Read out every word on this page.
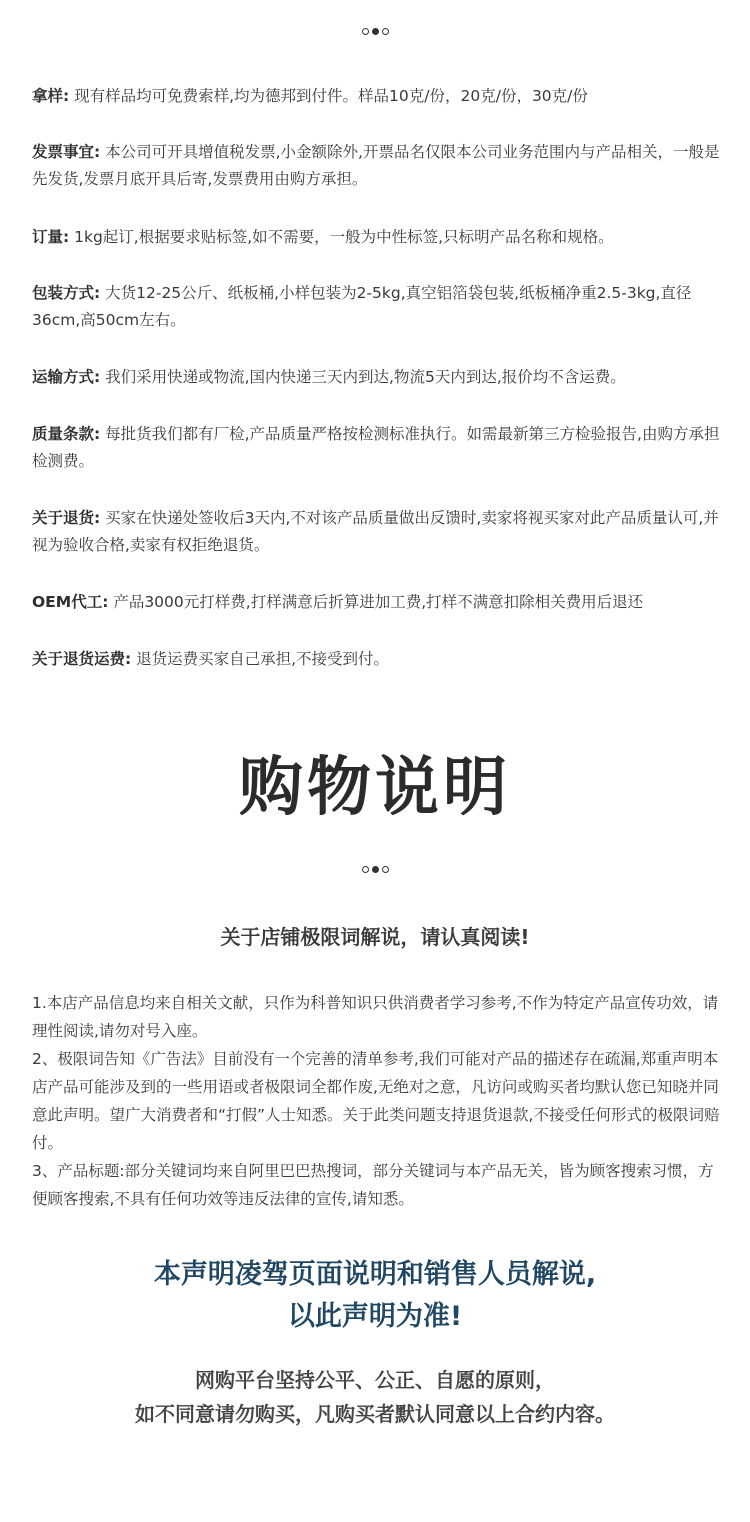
拿样: 现有样品均可免费索样,均为德邦到付件。样品10克/份，20克/份，30克/份
发票事宜: 本公司可开具增值税发票,小金额除外,开票品名仅限本公司业务范围内与产品相关，一般是先发货,发票月底开具后寄,发票费用由购方承担。
订量: 1kg起订,根据要求贴标签,如不需要，一般为中性标签,只标明产品名称和规格。
包装方式: 大货12-25公斤、纸板桶,小样包装为2-5kg,真空铝箔袋包装,纸板桶净重2.5-3kg,直径36cm,高50cm左右。
运输方式: 我们采用快递或物流,国内快递三天内到达,物流5天内到达,报价均不含运费。
质量条款: 每批货我们都有厂检,产品质量严格按检测标准执行。如需最新第三方检验报告,由购方承担检测费。
关于退货: 买家在快递处签收后3天内,不对该产品质量做出反馈时,卖家将视买家对此产品质量认可,并视为验收合格,卖家有权拒绝退货。
OEM代工: 产品3000元打样费,打样满意后折算进加工费,打样不满意扣除相关费用后退还
关于退货运费: 退货运费买家自己承担,不接受到付。
购物说明
关于店铺极限词解说，请认真阅读!
1.本店产品信息均来自相关文献，只作为科普知识只供消费者学习参考,不作为特定产品宣传功效，请理性阅读,请勿对号入座。
2、极限词告知《广告法》目前没有一个完善的清单参考,我们可能对产品的描述存在疏漏,郑重声明本店产品可能涉及到的一些用语或者极限词全都作废,无绝对之意，凡访问或购买者均默认您已知晓并同意此声明。望广大消费者和“打假”人士知悉。关于此类问题支持退货退款,不接受任何形式的极限词赔付。
3、产品标题:部分关键词均来自阿里巴巴热搜词，部分关键词与本产品无关，皆为顾客搜索习惯，方便顾客搜索,不具有任何功效等违反法律的宣传,请知悉。
本声明凌驾页面说明和销售人员解说,
以此声明为准!
网购平台坚持公平、公正、自愿的原则，
如不同意请勿购买，凡购买者默认同意以上合约内容。
